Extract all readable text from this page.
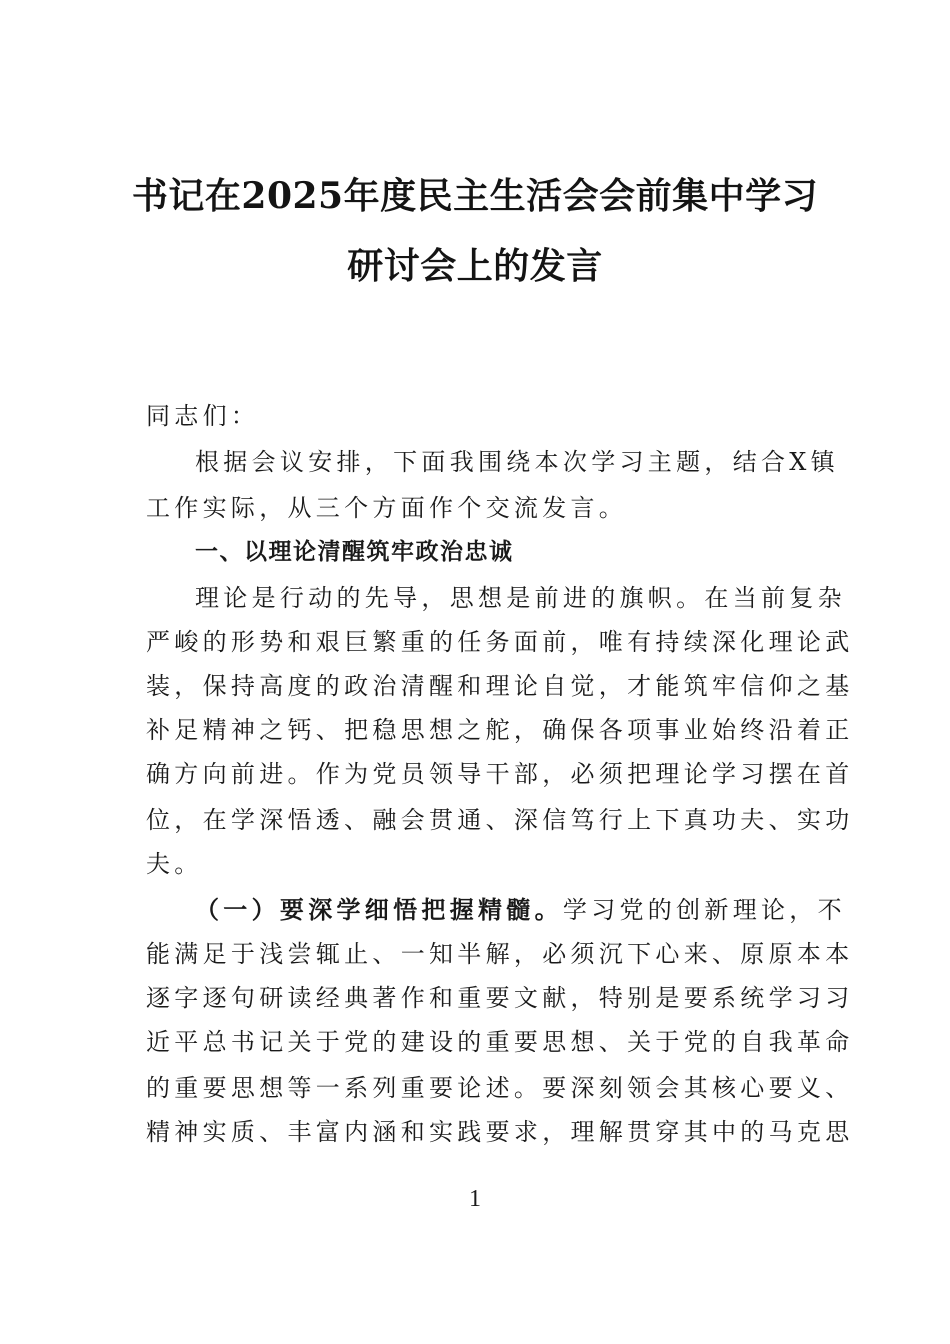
书记在2025年度民主生活会会前集中学习
研讨会上的发言
同志们：
根据会议安排，下面我围绕本次学习主题，结合X镇
工作实际，从三个方面作个交流发言。
一、以理论清醒筑牢政治忠诚
理论是行动的先导，思想是前进的旗帜。在当前复杂
严峻的形势和艰巨繁重的任务面前，唯有持续深化理论武
装，保持高度的政治清醒和理论自觉，才能筑牢信仰之基
补足精神之钙、把稳思想之舵，确保各项事业始终沿着正
确方向前进。作为党员领导干部，必须把理论学习摆在首
位，在学深悟透、融会贯通、深信笃行上下真功夫、实功
夫。
（一）要深学细悟把握精髓。学习党的创新理论，不
能满足于浅尝辄止、一知半解，必须沉下心来、原原本本
逐字逐句研读经典著作和重要文献，特别是要系统学习习
近平总书记关于党的建设的重要思想、关于党的自我革命
的重要思想等一系列重要论述。要深刻领会其核心要义、
精神实质、丰富内涵和实践要求，理解贯穿其中的马克思
1
